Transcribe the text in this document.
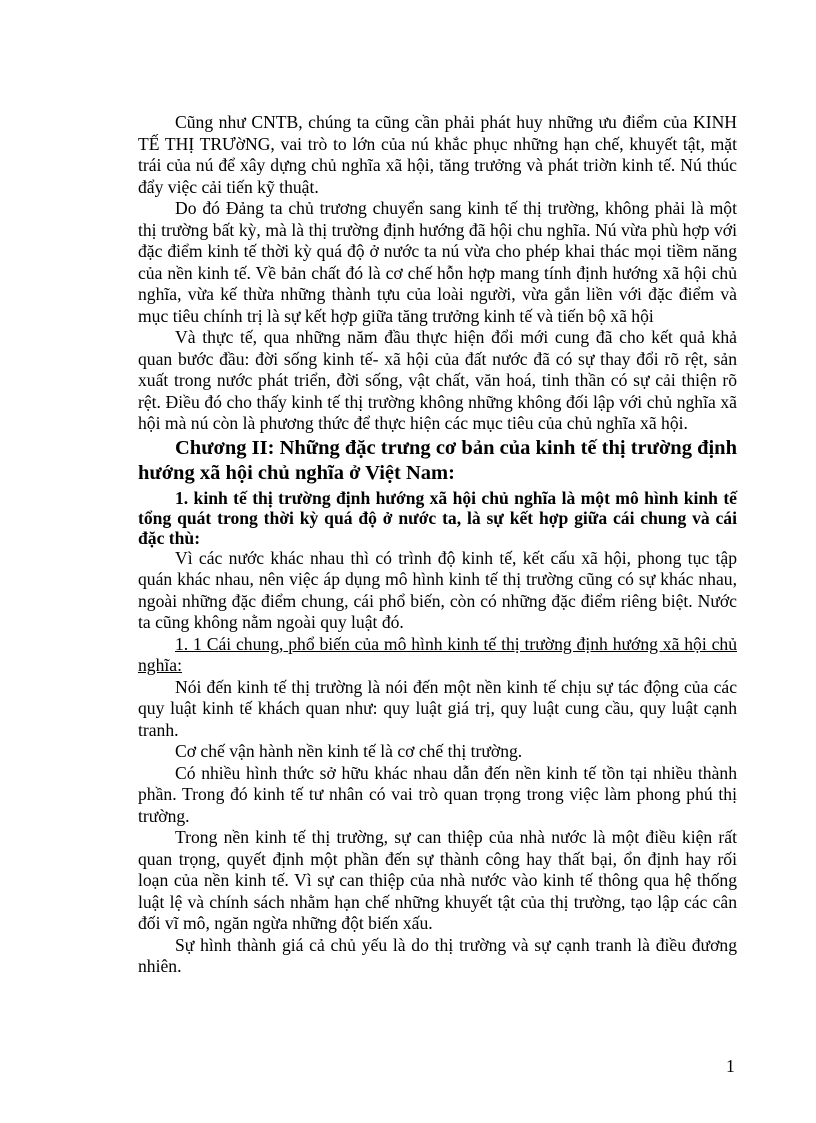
Cũng như CNTB, chúng ta cũng cần phải phát huy những ưu điểm của KINH TẾ THỊ TRƯờNG, vai trò to lớn của nú khắc phục những hạn chế, khuyết tật, mặt trái của nú để xây dựng chủ nghĩa xã hội, tăng trưởng và phát triờn kinh tế. Nú thúc đẩy việc cải tiến kỹ thuật.

Do đó Đảng ta chủ trương chuyển sang kinh tế thị trường, không phải là một thị trường bất kỳ, mà là thị trường định hướng đã hội chu nghĩa. Nú vừa phù hợp với đặc điểm kinh tế thời kỳ quá độ ở nước ta nú vừa cho phép khai thác mọi tiềm năng của nền kinh tế. Về bản chất đó là cơ chế hỗn hợp mang tính định hướng xã hội chủ nghĩa, vừa kế thừa những thành tựu của loài người, vừa gắn liền với đặc điểm và mục tiêu chính trị là sự kết hợp giữa tăng trưởng kinh tế và tiến bộ xã hội

Và thực tế, qua những năm đầu thực hiện đổi mới cung đã cho kết quả khả quan bước đầu: đời sống kinh tế- xã hội của đất nước đã có sự thay đổi rõ rệt, sản xuất trong nước phát triển, đời sống, vật chất, văn hoá, tinh thần có sự cải thiện rõ rệt. Điều đó cho thấy kinh tế thị trường không những không đối lập với chủ nghĩa xã hội mà nú còn là phương thức để thực hiện các mục tiêu của chủ nghĩa xã hội.

Chương II: Những đặc trưng cơ bản của kinh tế thị trường định hướng xã hội chủ nghĩa ở Việt Nam:

1. kinh tế thị trường định hướng xã hội chủ nghĩa là một mô hình kinh tế tổng quát trong thời kỳ quá độ ở nước ta, là sự kết hợp giữa cái chung và cái đặc thù:

Vì các nước khác nhau thì có trình độ kinh tế, kết cấu xã hội, phong tục tập quán khác nhau, nên việc áp dụng mô hình kinh tế thị trường cũng có sự khác nhau, ngoài những đặc điểm chung, cái phổ biến, còn có những đặc điểm riêng biệt. Nước ta cũng không nằm ngoài quy luật đó.

1. 1 Cái chung, phổ biến của mô hình kinh tế thị trường định hướng xã hội chủ nghĩa:

Nói đến kinh tế thị trường là nói đến một nền kinh tế chịu sự tác động của các quy luật kinh tế khách quan như: quy luật giá trị, quy luật cung cầu, quy luật cạnh tranh.

Cơ chế vận hành nền kinh tế là cơ chế thị trường.

Có nhiều hình thức sở hữu khác nhau dẫn đến nền kinh tế tồn tại nhiều thành phần. Trong đó kinh tế tư nhân có vai trò quan trọng trong việc làm phong phú thị trường.

Trong nền kinh tế thị trường, sự can thiệp của nhà nước là một điều kiện rất quan trọng, quyết định một phần đến sự thành công hay thất bại, ổn định hay rối loạn của nền kinh tế. Vì sự can thiệp của nhà nước vào kinh tế thông qua hệ thống luật lệ và chính sách nhằm hạn chế những khuyết tật của thị trường, tạo lập các cân đối vĩ mô, ngăn ngừa những đột biến xấu.

Sự hình thành giá cả chủ yếu là do thị trường và sự cạnh tranh là điều đương nhiên.

1
